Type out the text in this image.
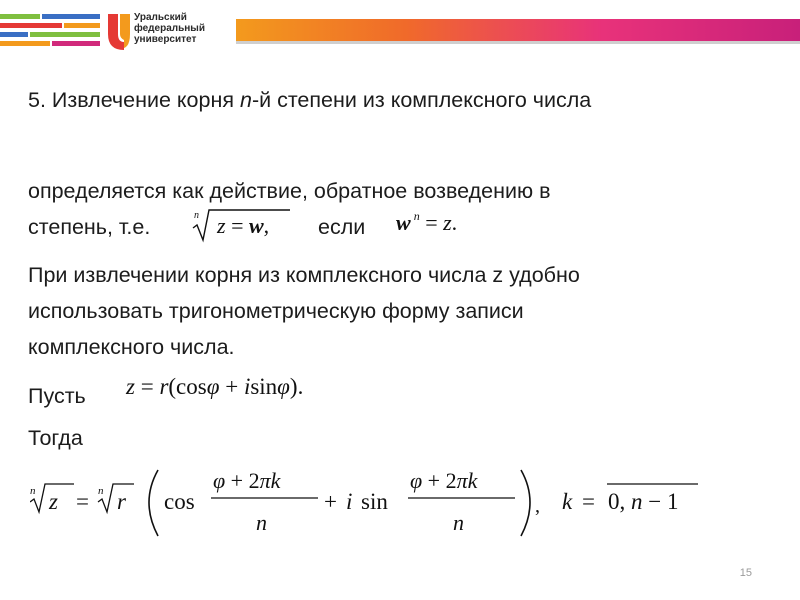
Уральский
федеральный
университет
5. Извлечение корня n-й степени из комплексного числа
определяется как действие, обратное возведению в
степень, т.е.	n z = w, если w $^n$ = z.
При извлечении корня из комплексного числа z удобно
использовать тригонометрическую форму записи
комплексного числа.
Пусть z = r(cosφ + isinφ).
Тогда
n z = n r cos
φ + 2πk
n
+ i sin
φ + 2πk
n
, k = 0, n − 1
15
